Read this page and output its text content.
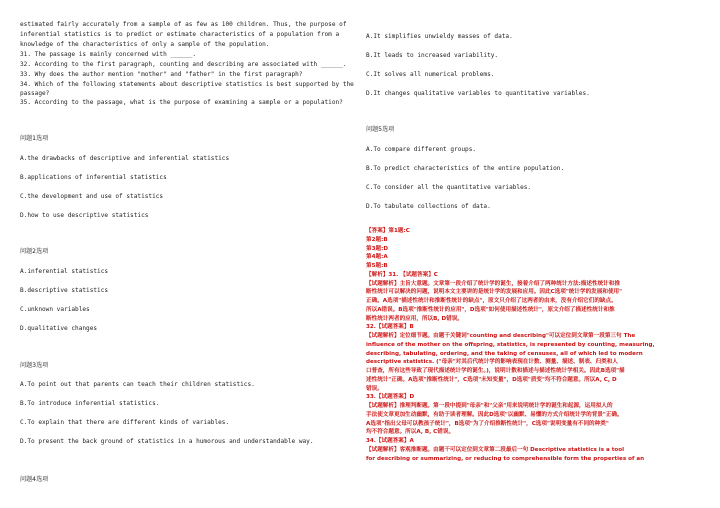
estimated fairly accurately from a sample of as few as 100 children. Thus, the purpose of
inferential statistics is to predict or estimate characteristics of a population from a
knowledge of the characteristics of only a sample of the population.
31. The passage is mainly concerned with ______.
32. According to the first paragraph, counting and describing are associated with ______.
33. Why does the author mention "mother" and "father" in the first paragraph?
34. Which of the following statements about descriptive statistics is best supported by the
passage?
35. According to the passage, what is the purpose of examining a sample or a population?
问题1选项
A.the drawbacks of descriptive and inferential statistics
B.applications of inferential statistics
C.the development and use of statistics
D.how to use descriptive statistics
问题2选项
A.inferential statistics
B.descriptive statistics
C.unknown variables
D.qualitative changes
问题3选项
A.To point out that parents can teach their children statistics.
B.To introduce inferential statistics.
C.To explain that there are different kinds of variables.
D.To present the back ground of statistics in a humorous and understandable way.
问题4选项
A.It simplifies unwieldy masses of data.
B.It leads to increased variability.
C.It solves all numerical problems.
D.It changes qualitative variables to quantitative variables.
问题5选项
A.To compare different groups.
B.To predict characteristics of the entire population.
C.To consider all the quantitative variables.
D.To tabulate collections of data.
【答案】第1题:C
第2题:B
第3题:D
第4题:A
第5题:B
【解析】31. 【试题答案】C
【试题解析】主旨大意题。文章第一段介绍了统计学的诞生，接着介绍了两种统计方法:描述性统计和推
断性统计可以解决的问题，说明本文主要讲的是统计学的发展和应用。因此C选项"统计学的发展和使用"
正确。A选项"描述性统计和推断性统计的缺点"，原文只介绍了这两者的由来，没有介绍它们的缺点。
所以A错误。B选项"推断性统计的应用"，D选项"如何使用描述性统计"，原文介绍了描述性统计和推
断性统计两者的应用，所以B, D错误。
32.【试题答案】B
【试题解析】定位细节题。由题干关键词"counting and describing"可以定位到文章第一段第三句 The
influence of the mother on the offspring, statistics, is represented by counting, measuring,
describing, tabulating, ordering, and the taking of censuses, all of which led to modern
descriptive statistics. ("母亲"对其后代统计学的影响表现在计数、测量、描述、制表、归类和人
口普查，所有这些导致了现代描述统计学的诞生。)，说明计数和描述与描述性统计学相关。因此B选项"描
述性统计"正确。A选项"推断性统计"，C选项"未知变量"，D选项"质变"均不符合题意。所以A, C, D
错误。
33.【试题答案】D
【试题解析】推理判断题。第一段中提到"母亲"和"父亲"用来说明统计学的诞生和起源，运用拟人的
手法使文章更加生动幽默，有助于读者理解。因此D选项"以幽默、易懂的方式介绍统计学的背景"正确。
A选项"指出父母可以教孩子统计"，B选项"为了介绍推断性统计"，C选项"说明变量有不同的种类"
均不符合题意。所以A, B, C错误。
34.【试题答案】A
【试题解析】客观推断题。由题干可以定位到文章第二段最后一句 Descriptive statistics is a tool
for describing or summarizing, or reducing to comprehensible form the properties of an
